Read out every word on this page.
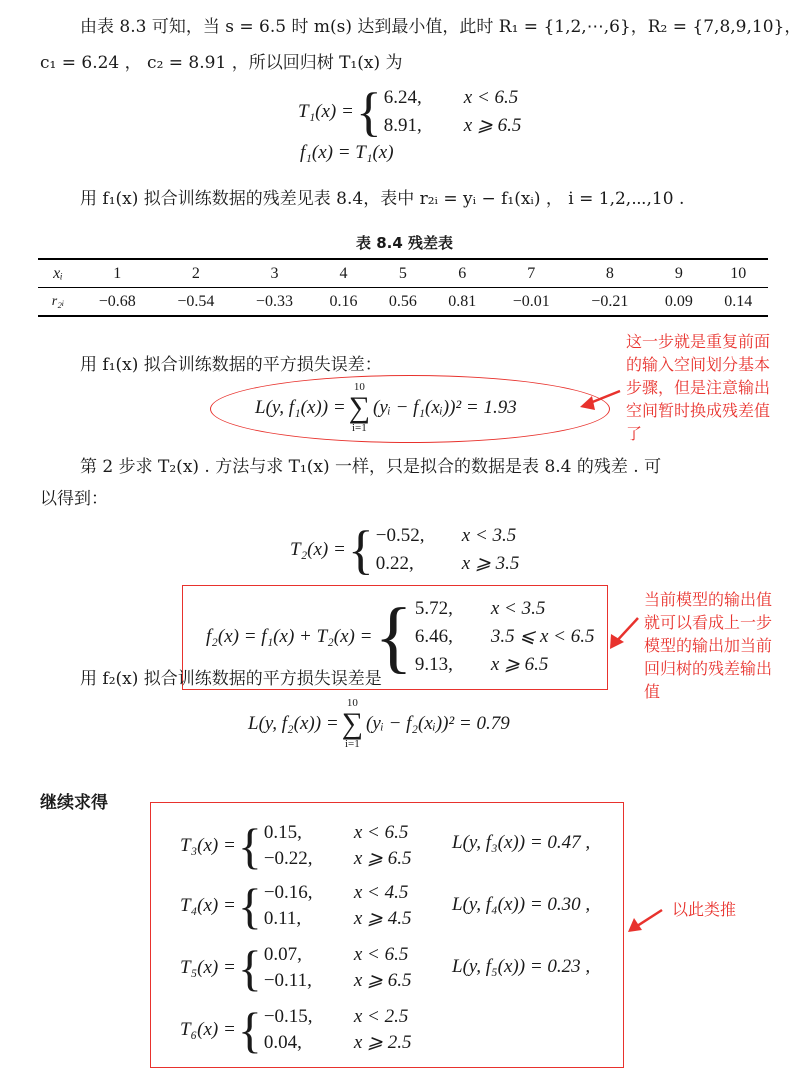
由表 8.3 可知，当 s = 6.5 时 m(s) 达到最小值，此时 R₁ = {1,2,⋯,6}，R₂ = {7,8,9,10}，
c₁ = 6.24 ， c₂ = 8.91 ，所以回归树 T₁(x) 为
T₁(x) = { 6.24, x < 6.5
8.91, x ⩾ 6.5
f₁(x) = T₁(x)
用 f₁(x) 拟合训练数据的残差见表 8.4，表中 r₂ᵢ = yᵢ − f₁(xᵢ) ， i = 1,2,⋯,10 .
表 8.4 残差表
xᵢ	1	2	3	4	5	6	7	8	9	10
r₂ᵢ	−0.68	−0.54	−0.33	0.16	0.56	0.81	−0.01	−0.21	0.09	0.14
用 f₁(x) 拟合训练数据的平方损失误差：
L(y, f₁(x)) =
10
∑
i=1
(yᵢ − f₁(xᵢ))² = 1.93
这一步就是重复前面
的输入空间划分基本
步骤，但是注意输出
空间暂时换成残差值
了
第 2 步求 T₂(x) . 方法与求 T₁(x) 一样，只是拟合的数据是表 8.4 的残差 . 可
以得到：
T₂(x) = { −0.52, x < 3.5
0.22,	x ⩾ 3.5
f₂(x) = f₁(x) + T₂(x) = { 5.72, x < 3.5
6.46, 3.5 ⩽ x < 6.5
9.13, x ⩾ 6.5
当前模型的输出值
就可以看成上一步
模型的输出加当前
回归树的残差输出
值
用 f₂(x) 拟合训练数据的平方损失误差是
L(y, f₂(x)) =
10
∑
i=1
(yᵢ − f₂(xᵢ))² = 0.79
继续求得
T₃(x) = { 0.15,	x < 6.5
−0.22, x ⩾ 6.5
L(y, f₃(x)) = 0.47 ,
T₄(x) = { −0.16, x < 4.5
0.11,	x ⩾ 4.5
L(y, f₄(x)) = 0.30 ,
T₅(x) = { 0.07,	x < 6.5
−0.11, x ⩾ 6.5
L(y, f₅(x)) = 0.23 ,
T₆(x) = { −0.15, x < 2.5
0.04,	x ⩾ 2.5
以此类推
